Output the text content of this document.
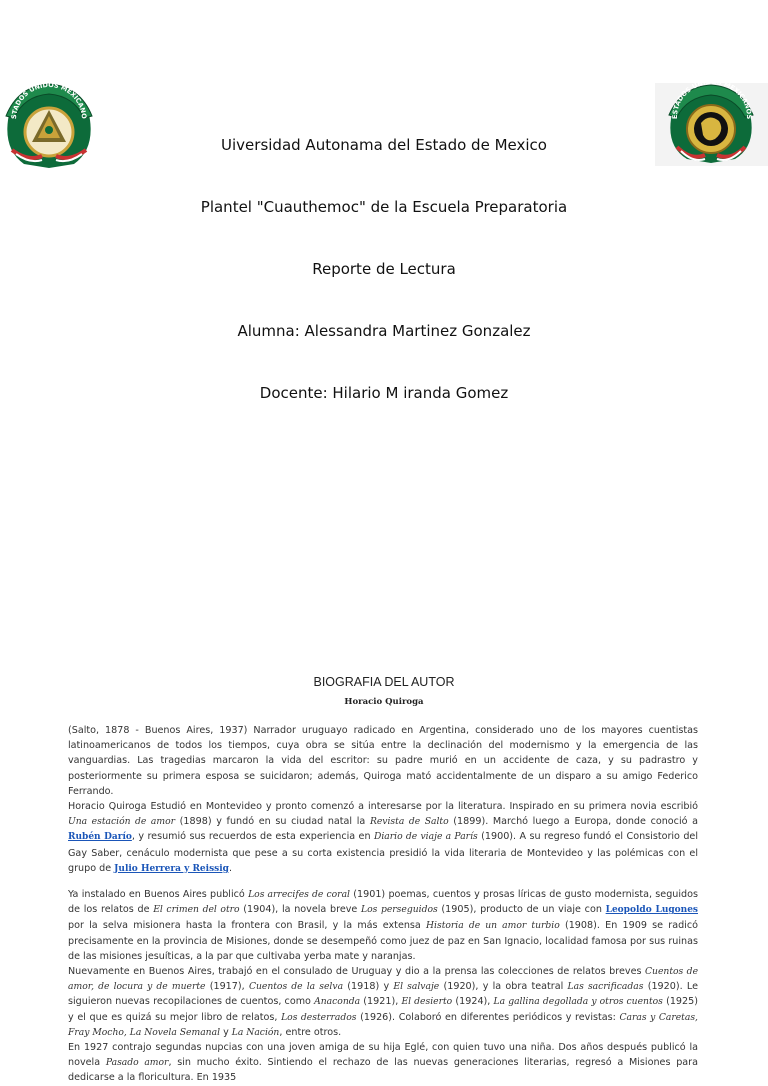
STADOS UNIDOS MEXICANO	ESTADOS UN MEXICANOS
Uiversidad Autonama del Estado de Mexico
Plantel "Cuauthemoc" de la Escuela Preparatoria
Reporte de Lectura
Alumna: Alessandra Martinez Gonzalez
Docente: Hilario M iranda Gomez
BIOGRAFIA DEL AUTOR
Horacio Quiroga

(Salto, 1878 - Buenos Aires, 1937) Narrador uruguayo radicado en Argentina, considerado uno de los mayores cuentistas latinoamericanos de todos los tiempos, cuya obra se sitúa entre la declinación del modernismo y la emergencia de las vanguardias. Las tragedias marcaron la vida del escritor: su padre murió en un accidente de caza, y su padrastro y posteriormente su primera esposa se suicidaron; además, Quiroga mató accidentalmente de un disparo a su amigo Federico Ferrando.

Horacio Quiroga Estudió en Montevideo y pronto comenzó a interesarse por la literatura. Inspirado en su primera novia escribió Una estación de amor (1898) y fundó en su ciudad natal la Revista de Salto (1899). Marchó luego a Europa, donde conoció a Rubén Darío, y resumió sus recuerdos de esta experiencia en Diario de viaje a París (1900). A su regreso fundó el Consistorio del Gay Saber, cenáculo modernista que pese a su corta existencia presidió la vida literaria de Montevideo y las polémicas con el grupo de Julio Herrera y Reissig.

Ya instalado en Buenos Aires publicó Los arrecifes de coral (1901) poemas, cuentos y prosas líricas de gusto modernista, seguidos de los relatos de El crimen del otro (1904), la novela breve Los perseguidos (1905), producto de un viaje con Leopoldo Lugones por la selva misionera hasta la frontera con Brasil, y la más extensa Historia de un amor turbio (1908). En 1909 se radicó precisamente en la provincia de Misiones, donde se desempeñó como juez de paz en San Ignacio, localidad famosa por sus ruinas de las misiones jesuíticas, a la par que cultivaba yerba mate y naranjas.

Nuevamente en Buenos Aires, trabajó en el consulado de Uruguay y dio a la prensa las colecciones de relatos breves Cuentos de amor, de locura y de muerte (1917), Cuentos de la selva (1918) y El salvaje (1920), y la obra teatral Las sacrificadas (1920). Le siguieron nuevas recopilaciones de cuentos, como Anaconda (1921), El desierto (1924), La gallina degollada y otros cuentos (1925) y el que es quizá su mejor libro de relatos, Los desterrados (1926). Colaboró en diferentes periódicos y revistas: Caras y Caretas, Fray Mocho, La Novela Semanal y La Nación, entre otros.

En 1927 contrajo segundas nupcias con una joven amiga de su hija Eglé, con quien tuvo una niña. Dos años después publicó la novela Pasado amor, sin mucho éxito. Sintiendo el rechazo de las nuevas generaciones literarias, regresó a Misiones para dedicarse a la floricultura. En 1935
